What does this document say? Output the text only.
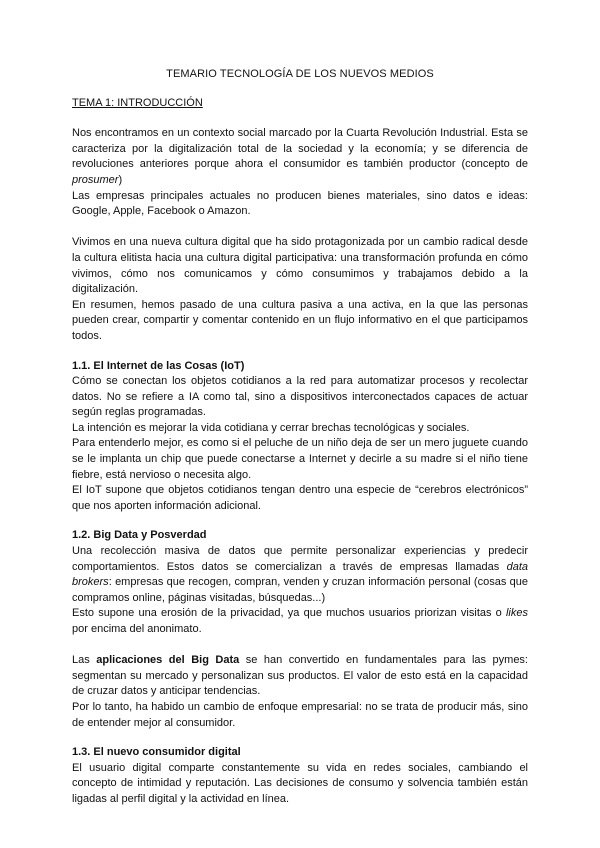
TEMARIO TECNOLOGÍA DE LOS NUEVOS MEDIOS
TEMA 1: INTRODUCCIÓN

Nos encontramos en un contexto social marcado por la Cuarta Revolución Industrial. Esta se caracteriza por la digitalización total de la sociedad y la economía; y se diferencia de revoluciones anteriores porque ahora el consumidor es también productor (concepto de prosumer)

Las empresas principales actuales no producen bienes materiales, sino datos e ideas: Google, Apple, Facebook o Amazon.

Vivimos en una nueva cultura digital que ha sido protagonizada por un cambio radical desde la cultura elitista hacia una cultura digital participativa: una transformación profunda en cómo vivimos, cómo nos comunicamos y cómo consumimos y trabajamos debido a la digitalización.

En resumen, hemos pasado de una cultura pasiva a una activa, en la que las personas pueden crear, compartir y comentar contenido en un flujo informativo en el que participamos todos.

1.1. El Internet de las Cosas (IoT)

Cómo se conectan los objetos cotidianos a la red para automatizar procesos y recolectar datos. No se refiere a IA como tal, sino a dispositivos interconectados capaces de actuar según reglas programadas.

La intención es mejorar la vida cotidiana y cerrar brechas tecnológicas y sociales.

Para entenderlo mejor, es como si el peluche de un niño deja de ser un mero juguete cuando se le implanta un chip que puede conectarse a Internet y decirle a su madre si el niño tiene fiebre, está nervioso o necesita algo.

El IoT supone que objetos cotidianos tengan dentro una especie de “cerebros electrónicos” que nos aporten información adicional.

1.2. Big Data y Posverdad

Una recolección masiva de datos que permite personalizar experiencias y predecir comportamientos. Estos datos se comercializan a través de empresas llamadas data brokers: empresas que recogen, compran, venden y cruzan información personal (cosas que compramos online, páginas visitadas, búsquedas...)

Esto supone una erosión de la privacidad, ya que muchos usuarios priorizan visitas o likes por encima del anonimato.

Las aplicaciones del Big Data se han convertido en fundamentales para las pymes: segmentan su mercado y personalizan sus productos. El valor de esto está en la capacidad de cruzar datos y anticipar tendencias.

Por lo tanto, ha habido un cambio de enfoque empresarial: no se trata de producir más, sino de entender mejor al consumidor.

1.3. El nuevo consumidor digital

El usuario digital comparte constantemente su vida en redes sociales, cambiando el concepto de intimidad y reputación. Las decisiones de consumo y solvencia también están ligadas al perfil digital y la actividad en línea.
